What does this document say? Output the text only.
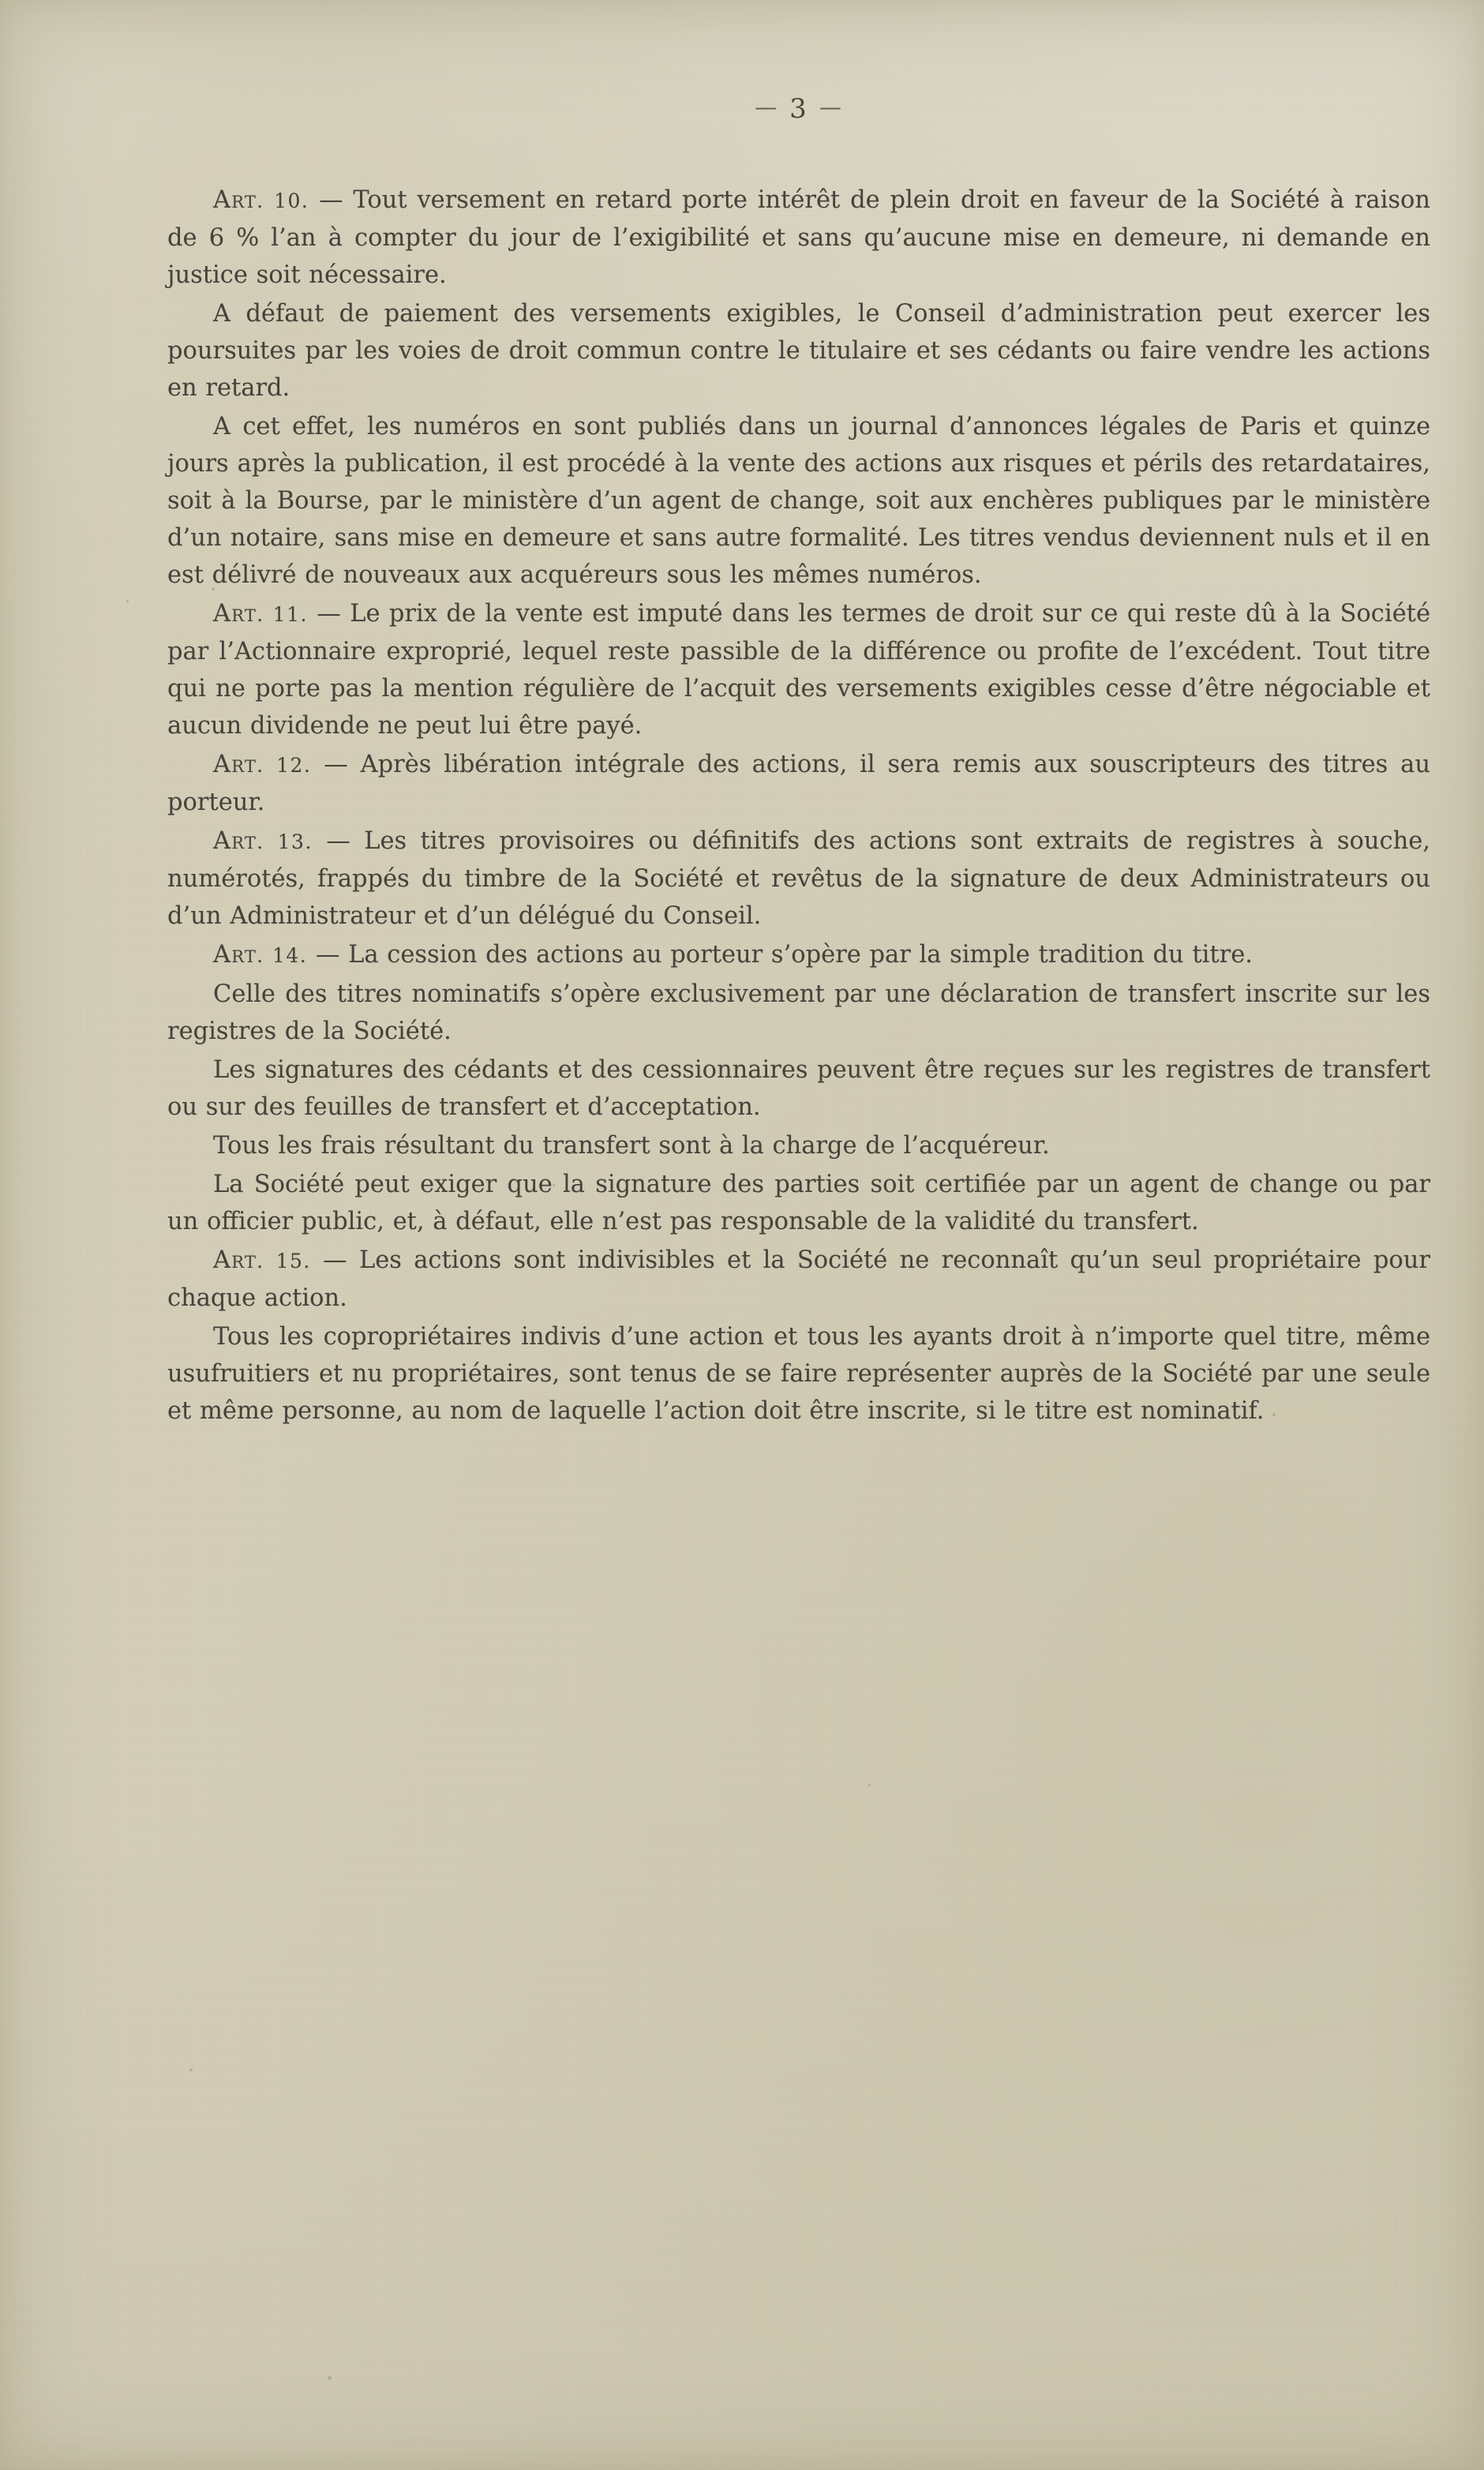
— 3 —

Art. 10. — Tout versement en retard porte intérêt de plein droit en faveur de la Société à raison de 6 % l’an à compter du jour de l’exigibilité et sans qu’aucune mise en demeure, ni demande en justice soit nécessaire.

A défaut de paiement des versements exigibles, le Conseil d’administration peut exercer les poursuites par les voies de droit commun contre le titulaire et ses cédants ou faire vendre les actions en retard.

A cet effet, les numéros en sont publiés dans un journal d’annonces légales de Paris et quinze jours après la publication, il est procédé à la vente des actions aux risques et périls des retardataires, soit à la Bourse, par le ministère d’un agent de change, soit aux enchères publiques par le ministère d’un notaire, sans mise en demeure et sans autre formalité. Les titres vendus deviennent nuls et il en est délivré de nouveaux aux acquéreurs sous les mêmes numéros.

Art. 11. — Le prix de la vente est imputé dans les termes de droit sur ce qui reste dû à la Société par l’Actionnaire exproprié, lequel reste passible de la différence ou profite de l’excédent. Tout titre qui ne porte pas la mention régulière de l’acquit des versements exigibles cesse d’être négociable et aucun dividende ne peut lui être payé.

Art. 12. — Après libération intégrale des actions, il sera remis aux souscripteurs des titres au porteur.

Art. 13. — Les titres provisoires ou définitifs des actions sont extraits de registres à souche, numérotés, frappés du timbre de la Société et revêtus de la signature de deux Administrateurs ou d’un Administrateur et d’un délégué du Conseil.

Art. 14. — La cession des actions au porteur s’opère par la simple tradition du titre.

Celle des titres nominatifs s’opère exclusivement par une déclaration de transfert inscrite sur les registres de la Société.

Les signatures des cédants et des cessionnaires peuvent être reçues sur les registres de transfert ou sur des feuilles de transfert et d’acceptation.

Tous les frais résultant du transfert sont à la charge de l’acquéreur.

La Société peut exiger que la signature des parties soit certifiée par un agent de change ou par un officier public, et, à défaut, elle n’est pas responsable de la validité du transfert.

Art. 15. — Les actions sont indivisibles et la Société ne reconnaît qu’un seul propriétaire pour chaque action.

Tous les copropriétaires indivis d’une action et tous les ayants droit à n’importe quel titre, même usufruitiers et nu propriétaires, sont tenus de se faire représenter auprès de la Société par une seule et même personne, au nom de laquelle l’action doit être inscrite, si le titre est nominatif.
